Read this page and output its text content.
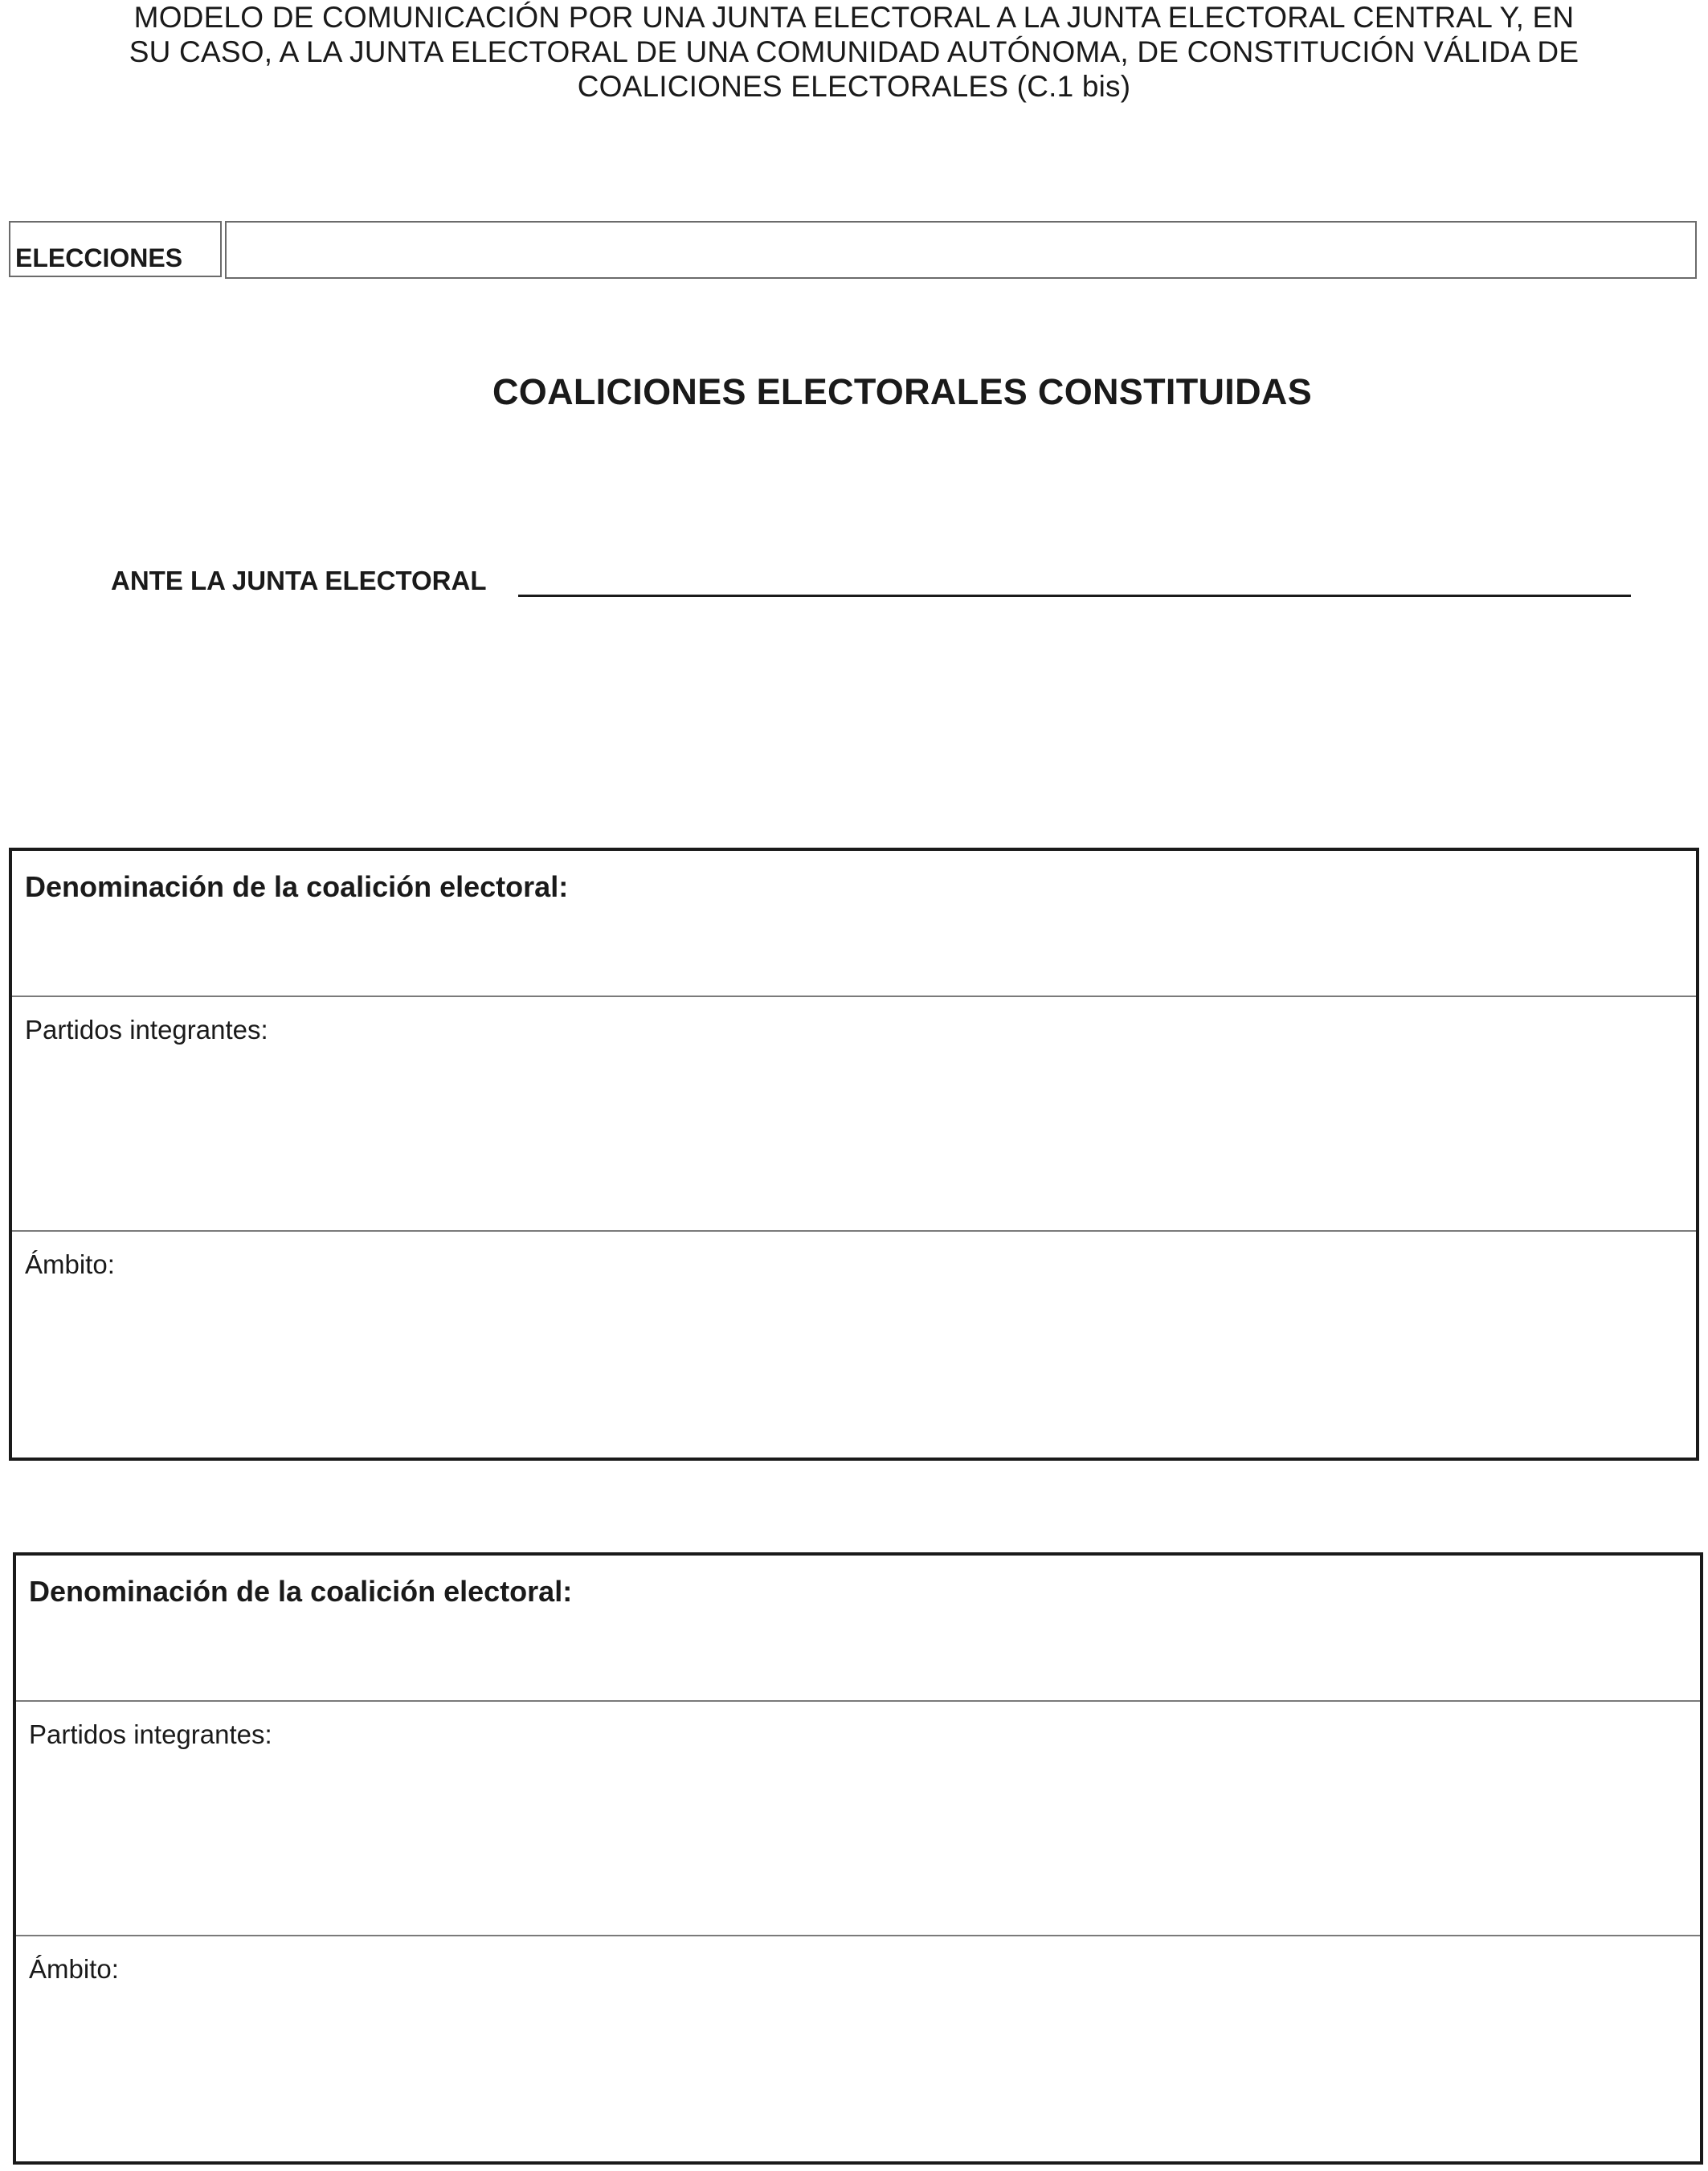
MODELO DE COMUNICACIÓN POR UNA JUNTA ELECTORAL A LA JUNTA ELECTORAL CENTRAL Y, EN
SU CASO, A LA JUNTA ELECTORAL DE UNA COMUNIDAD AUTÓNOMA, DE CONSTITUCIÓN VÁLIDA DE
COALICIONES ELECTORALES (C.1 bis)
ELECCIONES
COALICIONES ELECTORALES CONSTITUIDAS
ANTE LA JUNTA ELECTORAL
Denominación de la coalición electoral:
Partidos integrantes:
Ámbito:
Denominación de la coalición electoral:
Partidos integrantes:
Ámbito:
